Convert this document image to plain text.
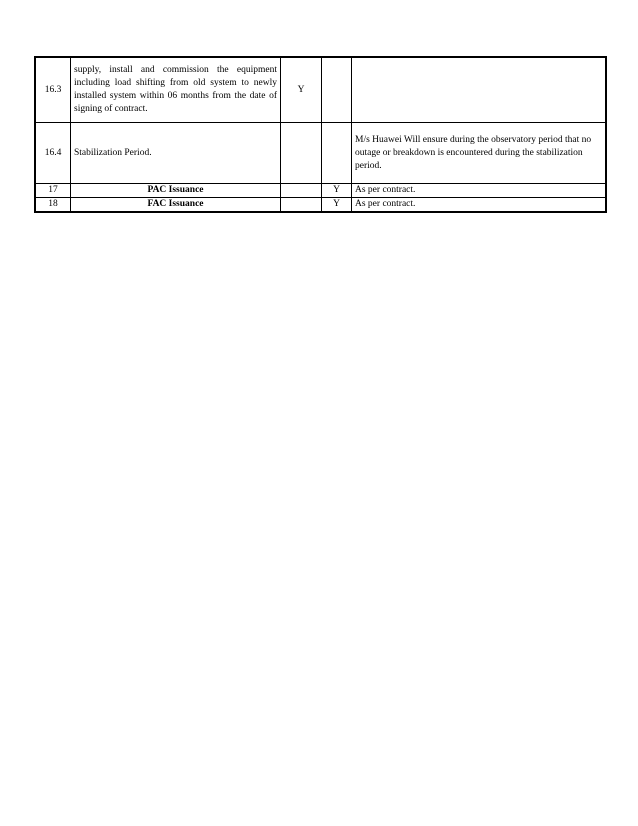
16.3	supply, install and commission the equipment including load shifting from old system to newly installed system within 06 months from the date of signing of contract.	Y		
16.4	Stabilization Period.			M/s Huawei Will ensure during the observatory period that no outage or breakdown is encountered during the stabilization period.
17	PAC Issuance		Y	As per contract.
18	FAC Issuance		Y	As per contract.
